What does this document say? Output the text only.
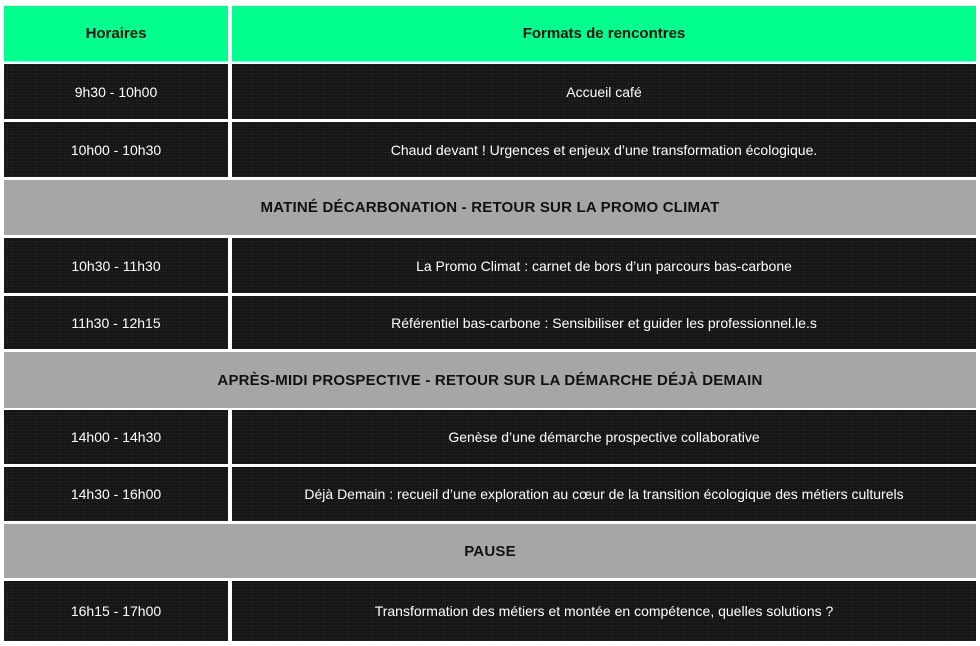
Horaires	Formats de rencontres
9h30 - 10h00	Accueil café
10h00 - 10h30	Chaud devant ! Urgences et enjeux d’une transformation écologique.
MATINÉ DÉCARBONATION - RETOUR SUR LA PROMO CLIMAT
10h30 - 11h30	La Promo Climat : carnet de bors d’un parcours bas-carbone
11h30 - 12h15	Référentiel bas-carbone : Sensibiliser et guider les professionnel.le.s
APRÈS-MIDI PROSPECTIVE - RETOUR SUR LA DÉMARCHE DÉJÀ DEMAIN
14h00 - 14h30	Genèse d’une démarche prospective collaborative
14h30 - 16h00	Déjà Demain : recueil d’une exploration au cœur de la transition écologique des métiers culturels
PAUSE
16h15 - 17h00	Transformation des métiers et montée en compétence, quelles solutions ?
